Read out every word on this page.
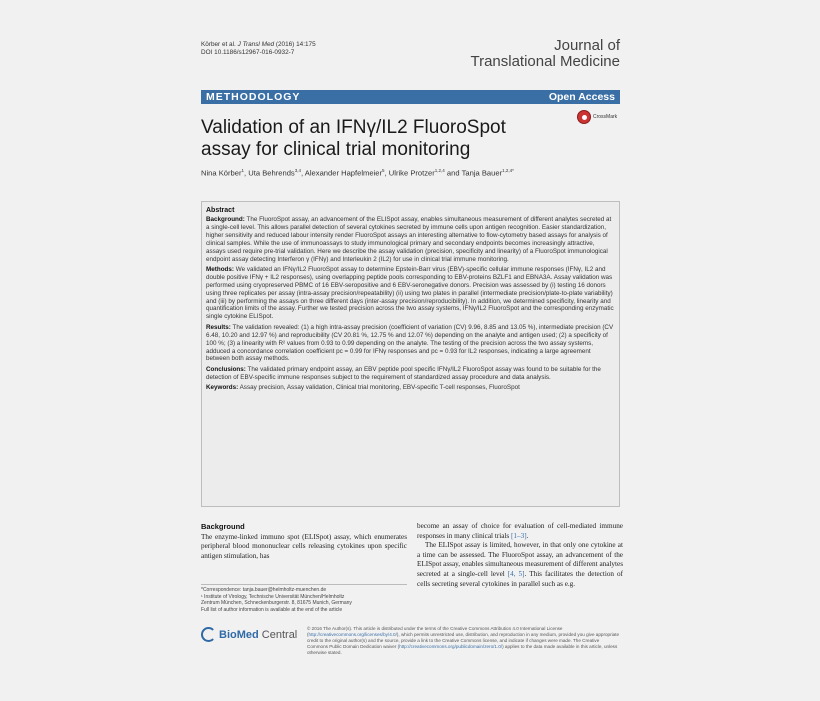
Körber et al. J Transl Med (2016) 14:175
DOI 10.1186/s12967-016-0932-7	Journal of
Translational Medicine
METHODOLOGY	Open Access
CrossMark
Validation of an IFNγ/IL2 FluoroSpot
assay for clinical trial monitoring
Nina Körber$^1$, Uta Behrends$^{3,4}$, Alexander Hapfelmeier$^5$, Ulrike Protzer$^{1,2,4}$ and Tanja Bauer$^{1,2,4*}$
Abstract

Background: The FluoroSpot assay, an advancement of the ELISpot assay, enables simultaneous measurement of different analytes secreted at a single-cell level. This allows parallel detection of several cytokines secreted by immune cells upon antigen recognition. Easier standardization, higher sensitivity and reduced labour intensity render FluoroSpot assays an interesting alternative to flow-cytometry based assays for analysis of clinical samples. While the use of immunoassays to study immunological primary and secondary endpoints becomes increasingly attractive, assays used require pre-trial validation. Here we describe the assay validation (precision, specificity and linearity) of a FluoroSpot immunological endpoint assay detecting Interferon γ (IFNγ) and Interleukin 2 (IL2) for use in clinical trial immune monitoring.

Methods: We validated an IFNγ/IL2 FluoroSpot assay to determine Epstein-Barr virus (EBV)-specific cellular immune responses (IFNγ, IL2 and double positive IFNγ + IL2 responses), using overlapping peptide pools corresponding to EBV-proteins BZLF1 and EBNA3A. Assay validation was performed using cryopreserved PBMC of 16 EBV-seropositive and 6 EBV-seronegative donors. Precision was assessed by (i) testing 16 donors using three replicates per assay (intra-assay precision/repeatability) (ii) using two plates in parallel (intermediate precision/plate-to-plate variability) and (iii) by performing the assays on three different days (inter-assay precision/reproducibility). In addition, we determined specificity, linearity and quantification limits of the assay. Further we tested precision across the two assay systems, IFNγ/IL2 FluoroSpot and the corresponding enzymatic single cytokine ELISpot.

Results: The validation revealed: (1) a high intra-assay precision (coefficient of variation (CV) 9.96, 8.85 and 13.05 %), intermediate precision (CV 6.48, 10.20 and 12.97 %) and reproducibility (CV 20.81 %, 12.75 % and 12.07 %) depending on the analyte and antigen used; (2) a specificity of 100 %; (3) a linearity with R² values from 0.93 to 0.99 depending on the analyte. The testing of the precision across the two assay systems, adduced a concordance correlation coefficient pc = 0.99 for IFNγ responses and pc = 0.93 for IL2 responses, indicating a large agreement between both assay methods.

Conclusions: The validated primary endpoint assay, an EBV peptide pool specific IFNγ/IL2 FluoroSpot assay was found to be suitable for the detection of EBV-specific immune responses subject to the requirement of standardized assay procedure and data analysis.

Keywords: Assay precision, Assay validation, Clinical trial monitoring, EBV-specific T-cell responses, FluoroSpot

Background

The enzyme-linked immuno spot (ELISpot) assay, which enumerates peripheral blood mononuclear cells releasing cytokines upon specific antigen stimulation, has

become an assay of choice for evaluation of cell-mediated immune responses in many clinical trials [1–3].

The ELISpot assay is limited, however, in that only one cytokine at a time can be assessed. The FluoroSpot assay, an advancement of the ELISpot assay, enables simultaneous measurement of different analytes secreted at a single-cell level [4, 5]. This facilitates the detection of cells secreting several cytokines in parallel such as e.g.

*Correspondence: tanja.bauer@helmholtz-muenchen.de
¹ Institute of Virology, Technische Universität München/Helmholtz
Zentrum München, Schneckenburgerstr. 8, 81675 Munich, Germany
Full list of author information is available at the end of the article
BioMed Central © 2016 The Author(s). This article is distributed under the terms of the Creative Commons Attribution 4.0 International License (http://creativecommons.org/licenses/by/4.0/), which permits unrestricted use, distribution, and reproduction in any medium, provided you give appropriate credit to the original author(s) and the source, provide a link to the Creative Commons license, and indicate if changes were made. The Creative Commons Public Domain Dedication waiver (http://creativecommons.org/publicdomain/zero/1.0/) applies to the data made available in this article, unless otherwise stated.
